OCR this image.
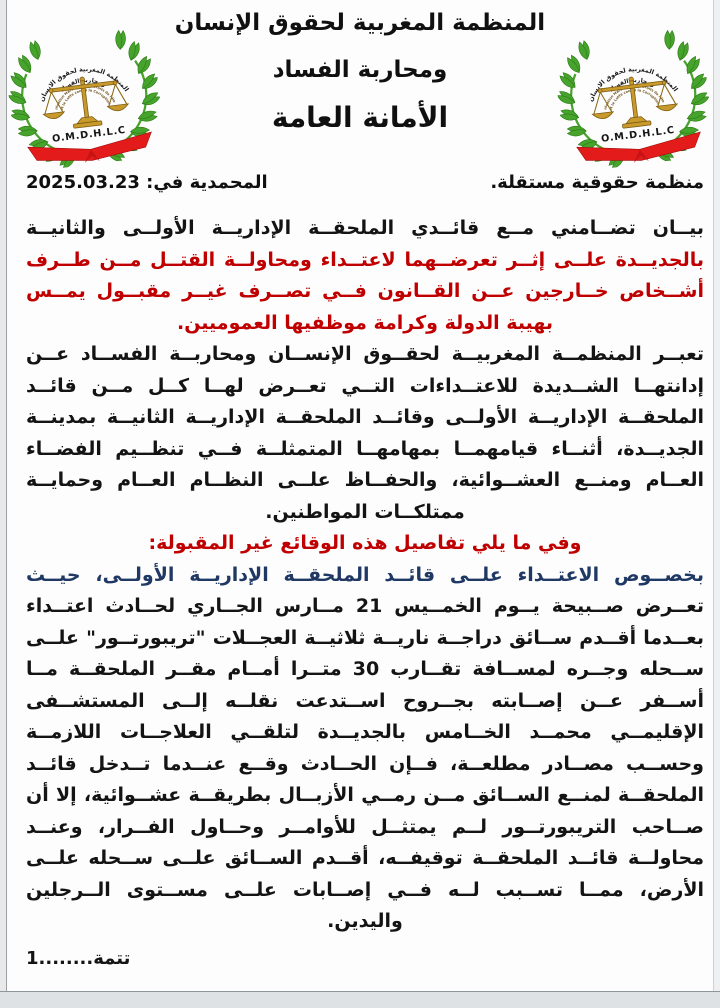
المنظمة المغربية لحقوق الإنسان
ومحاربة الفساد
الأمانة العامة
منظمة حقوقية مستقلة.
المحمدية في: 2025.03.23

بيــان تضــامني مــع قائــدي الملحقــة الإداريــة الأولــى والثانيــة بالجديــدة علــى إثــر تعرضــهما لاعتــداء ومحاولــة القتــل مــن طــرف أشــخاص خــارجين عــن القــانون فــي تصــرف غيــر مقبــول يمــس بهيبة الدولة وكرامة موظفيها العموميين.

تعبــر المنظمــة المغربيــة لحقــوق الإنســان ومحاربــة الفســاد عــن إدانتهــا الشــديدة للاعتــداءات التــي تعــرض لهــا كــل مــن قائــد الملحقــة الإداريــة الأولــى وقائــد الملحقــة الإداريــة الثانيــة بمدينــة الجديــدة، أثنــاء قيامهمــا بمهامهــا المتمثلــة فــي تنظــيم الفضــاء العــام ومنــع العشــوائية، والحفــاظ علــى النظــام العــام وحمايــة ممتلكــات المواطنين.

وفي ما يلي تفاصيل هذه الوقائع غير المقبولة:

بخصــوص الاعتــداء علــى قائــد الملحقــة الإداريــة الأولــى، حيــث تعــرض صــبيحة يــوم الخمــيس 21 مــارس الجــاري لحــادث اعتــداء بعــدما أقــدم ســائق دراجــة ناريــة ثلاثيــة العجــلات "تريبورتــور" علــى ســحله وجــره لمســافة تقــارب 30 متــرا أمــام مقــر الملحقــة مــا أســفر عــن إصــابته بجــروح اســتدعت نقلــه إلــى المستشــفى الإقليمــي محمــد الخــامس بالجديــدة لتلقــي العلاجــات اللازمــة وحســب مصــادر مطلعــة، فــإن الحــادث وقــع عنــدما تــدخل قائــد الملحقــة لمنــع الســائق مــن رمــي الأزبــال بطريقــة عشــوائية، إلا أن صــاحب التريبورتــور لــم يمتثــل للأوامــر وحــاول الفــرار، وعنــد محاولــة قائــد الملحقــة توقيفــه، أقــدم الســائق علــى ســحله علــى الأرض، ممــا تســبب لــه فــي إصــابات علــى مســتوى الــرجلين واليدين.

تتمة........1
